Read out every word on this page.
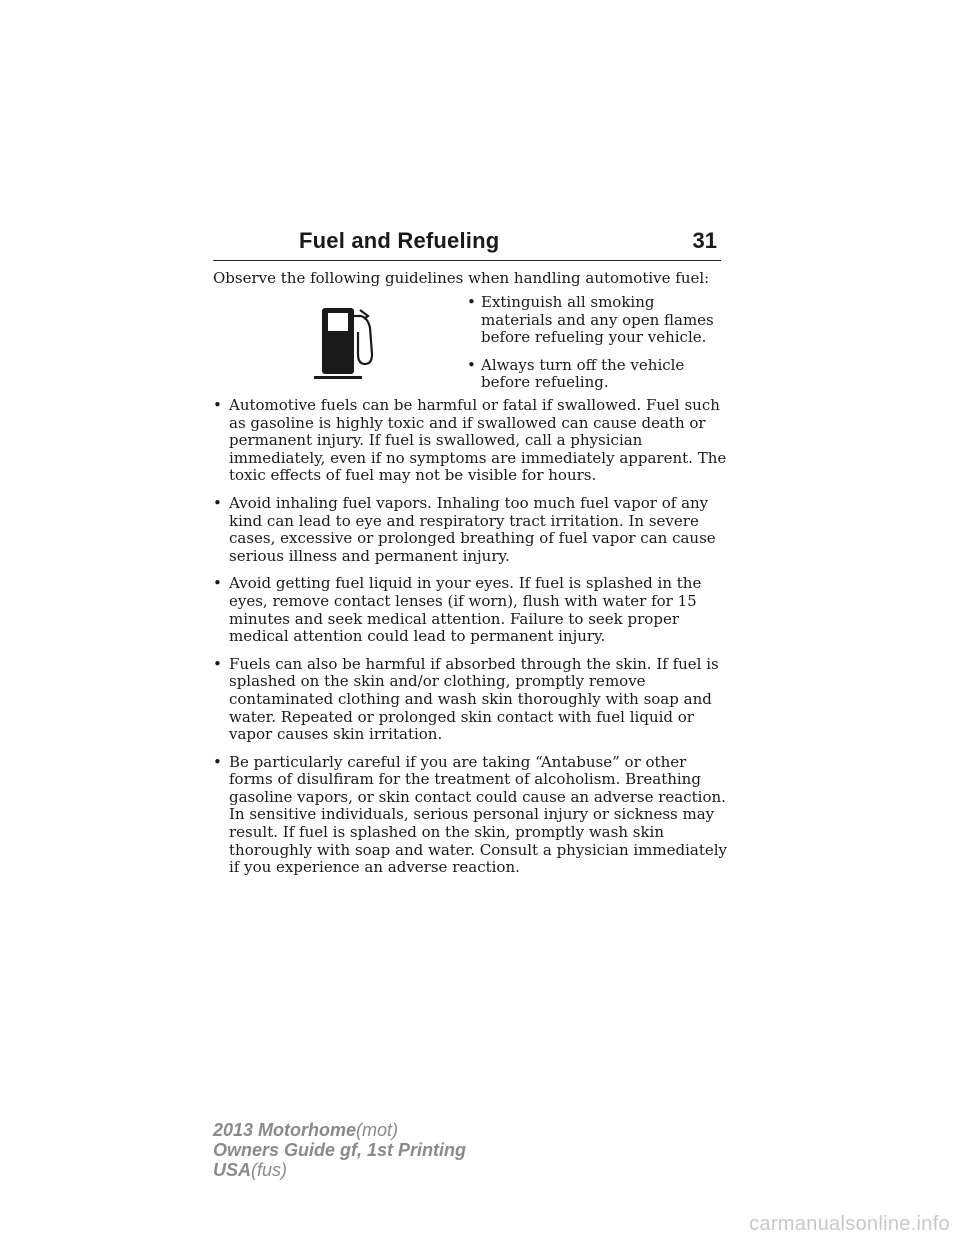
Fuel and Refueling	31
Observe the following guidelines when handling automotive fuel:
• Extinguish all smoking materials and any open flames before refueling your vehicle.
• Always turn off the vehicle before refueling.
• Automotive fuels can be harmful or fatal if swallowed. Fuel such as gasoline is highly toxic and if swallowed can cause death or permanent injury. If fuel is swallowed, call a physician immediately, even if no symptoms are immediately apparent. The toxic effects of fuel may not be visible for hours.
• Avoid inhaling fuel vapors. Inhaling too much fuel vapor of any kind can lead to eye and respiratory tract irritation. In severe cases, excessive or prolonged breathing of fuel vapor can cause serious illness and permanent injury.
• Avoid getting fuel liquid in your eyes. If fuel is splashed in the eyes, remove contact lenses (if worn), flush with water for 15 minutes and seek medical attention. Failure to seek proper medical attention could lead to permanent injury.
• Fuels can also be harmful if absorbed through the skin. If fuel is splashed on the skin and/or clothing, promptly remove contaminated clothing and wash skin thoroughly with soap and water. Repeated or prolonged skin contact with fuel liquid or vapor causes skin irritation.
• Be particularly careful if you are taking “Antabuse” or other forms of disulfiram for the treatment of alcoholism. Breathing gasoline vapors, or skin contact could cause an adverse reaction. In sensitive individuals, serious personal injury or sickness may result. If fuel is splashed on the skin, promptly wash skin thoroughly with soap and water. Consult a physician immediately if you experience an adverse reaction.
2013 Motorhome(mot)
Owners Guide gf, 1st Printing
USA(fus)
carmanualsonline.info
